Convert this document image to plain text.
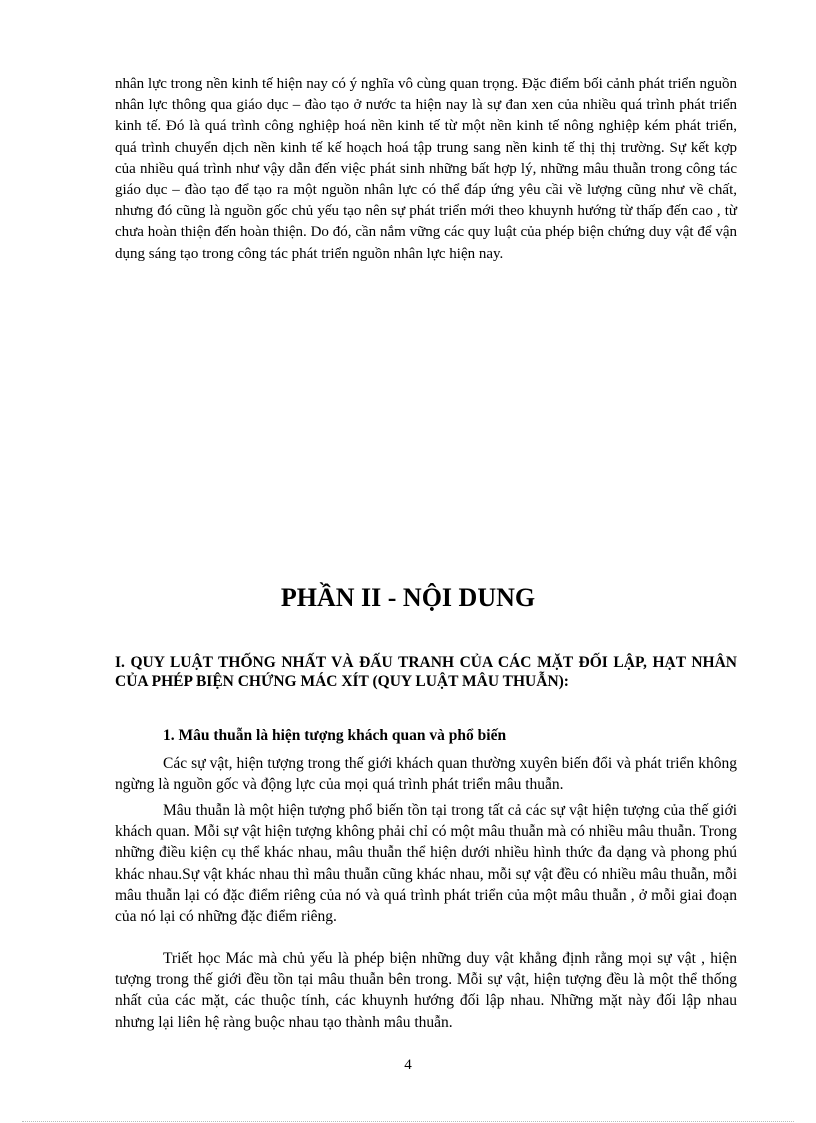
nhân lực trong nền kinh tế hiện nay có ý nghĩa vô cùng quan trọng. Đặc điểm bối cảnh phát triển nguồn nhân lực thông qua giáo dục – đào tạo ở nước ta hiện nay là sự đan xen của nhiều quá trình phát triển kinh tế. Đó là quá trình công nghiệp hoá nền kinh tế từ một nền kinh tế nông nghiệp kém phát triển, quá trình chuyển dịch nền kinh tế kế hoạch hoá tập trung sang nền kinh tế thị thị trường. Sự kết kợp của nhiều quá trình như vậy dẫn đến việc phát sinh những bất hợp lý, những mâu thuẫn trong công tác giáo dục – đào tạo để tạo ra một nguồn nhân lực có thể đáp ứng yêu cầi về lượng cũng như về chất, nhưng đó cũng là nguồn gốc chủ yếu tạo nên sự phát triển mới theo khuynh hướng từ thấp đến cao , từ chưa hoàn thiện đến hoàn thiện. Do đó, cần nắm vững các quy luật của phép biện chứng duy vật để vận dụng sáng tạo trong công tác phát triển nguồn nhân lực hiện nay.

PHẦN II - NỘI DUNG
I. QUY LUẬT THỐNG NHẤT VÀ ĐẤU TRANH CỦA CÁC MẶT ĐỐI LẬP, HẠT NHÂN CỦA PHÉP BIỆN CHỨNG MÁC XÍT (QUY LUẬT MÂU THUẪN):
1. Mâu thuẫn là hiện tượng khách quan và phổ biến

Các sự vật, hiện tượng trong thế giới khách quan thường xuyên biến đổi và phát triển không ngừng là nguồn gốc và động lực của mọi quá trình phát triển mâu thuẫn.

Mâu thuẫn là một hiện tượng phổ biến tồn tại trong tất cả các sự vật hiện tượng của thế giới khách quan. Mỗi sự vật hiện tượng không phải chỉ có một mâu thuẫn mà có nhiều mâu thuẫn. Trong những điều kiện cụ thể khác nhau, mâu thuẫn thể hiện dưới nhiều hình thức đa dạng và phong phú khác nhau.Sự vật khác nhau thì mâu thuẫn cũng khác nhau, mỗi sự vật đều có nhiều mâu thuẫn, mỗi mâu thuẫn lại có đặc điểm riêng của nó và quá trình phát triển của một mâu thuẫn , ở mỗi giai đoạn của nó lại có những đặc điểm riêng.

Triết học Mác mà chủ yếu là phép biện những duy vật khẳng định rằng mọi sự vật , hiện tượng trong thế giới đều tồn tại mâu thuẫn bên trong. Mỗi sự vật, hiện tượng đều là một thể thống nhất của các mặt, các thuộc tính, các khuynh hướng đối lập nhau. Những mặt này đối lập nhau nhưng lại liên hệ ràng buộc nhau tạo thành mâu thuẫn.

4
